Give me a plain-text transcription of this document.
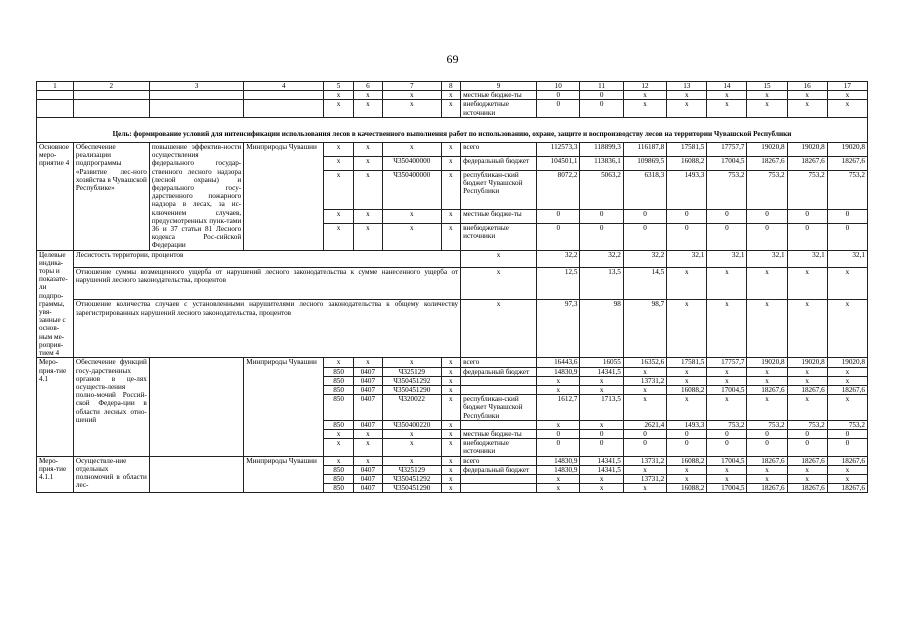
69
1	2	3	4	5	6	7	8	9	10	11	12	13	14	15	16	17
				x	x	x	x	местные бюдже-ты	0	0	x	x	x	x	x	x
				x	x	x	x	внебюджетные источники	0	0	x	x	x	x	x	x
Цель: формирование условий для интенсификации использования лесов в качественного выполнения работ по использованию, охране, защите и воспроизводству лесов на территории Чувашской Республики																
Основное меро-приятие 4	Обеспечение реализации подпрограммы «Развитие лес-ного хозяйства в Чувашской Республике»	повышение эффектив-ности осуществления федерального государ-ственного лесного надзора (лесной охраны) и федерального госу-дарственного пожарного надзора в лесах, за ис-ключением случаев, предусмотренных пунк-тами 36 и 37 статьи 81 Лесного кодекса Рос-сийской Федерации	Минприроды Чувашии	x	x	x	x	всего	112573,3	118899,3	116187,8	17581,5	17757,7	19020,8	19020,8	19020,8
				x	x	Ч350400000	x	федеральный бюджет	104501,1	113836,1	109869,5	16088,2	17004,5	18267,6	18267,6	18267,6
				x	x	Ч350400000	x	республикан-ский бюджет Чувашской Республики	8072,2	5063,2	6318,3	1493,3	753,2	753,2	753,2	753,2
				x	x	x	x	местные бюдже-ты	0	0	0	0	0	0	0	0
				x	x	x	x	внебюджетные источники	0	0	0	0	0	0	0	0
Целевые индика-торы и показате-ли подпро-граммы, увя-занные с основ-ным ме-роприя-тием 4	Лесистость территории, процентов							x	32,2	32,2	32,2	32,1	32,1	32,1	32,1	32,1
	Отношение суммы возмещенного ущерба от нарушений лесного законодательства к сумме нанесенного ущерба от нарушений лесного законодательства, процентов							x	12,5	13,5	14,5	x	x	x	x	x
	Отношение количества случаев с установленными нарушителями лесного законодательства к общему количеству зарегистрированных нарушений лесного законодательства, процентов							x	97,3	98	98,7	x	x	x	x	x
Меро-прия-тие 4.1	Обеспечение функций госу-дарственных органов в це-лях осуществ-ления полно-мочий Россий-ской Федера-ции в области лесных отно-шений		Минприроды Чувашии	x	x	x	x	всего	16443,6	16055	16352,6	17581,5	17757,7	19020,8	19020,8	19020,8
				850	0407	Ч325129	x	федеральный бюджет	14830,9	14341,5	x	x	x	x	x	x
				850	0407	Ч350451292	x		x	x	13731,2	x	x	x	x	x
				850	0407	Ч350451290	x		x	x	x	16088,2	17004,5	18267,6	18267,6	18267,6
				850	0407	Ч320022	x	республикан-ский бюджет Чувашской Республики	1612,7	1713,5	x	x	x	x	x	x
				850	0407	Ч350400220	x		x	x	2621,4	1493,3	753,2	753,2	753,2	753,2
				x	x	x	x	местные бюдже-ты	0	0	0	0	0	0	0	0
				x	x	x	x	внебюджетные источники	0	0	0	0	0	0	0	0
Меро-прия-тие 4.1.1	Осуществле-ние отдельных полномочий в области лес-		Минприроды Чувашии	x	x	x	x	всего	14830,9	14341,5	13731,2	16088,2	17004,5	18267,6	18267,6	18267,6
				850	0407	Ч325129	x	федеральный бюджет	14830,9	14341,5	x	x	x	x	x	x
				850	0407	Ч350451292	x		x	x	13731,2	x	x	x	x	x
				850	0407	Ч350451290	x		x	x	x	16088,2	17004,5	18267,6	18267,6	18267,6
